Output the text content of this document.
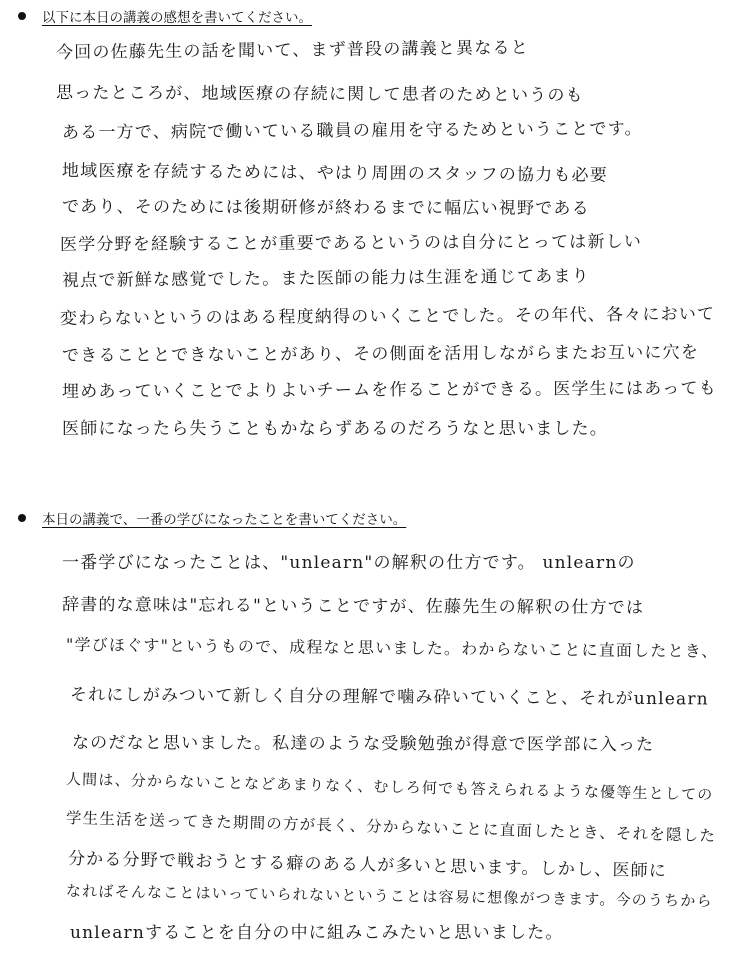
以下に本日の講義の感想を書いてください。
今回の佐藤先生の話を聞いて、まず普段の講義と異なると
思ったところが、地域医療の存続に関して患者のためというのも
ある一方で、病院で働いている職員の雇用を守るためということです。
地域医療を存続するためには、やはり周囲のスタッフの協力も必要
であり、そのためには後期研修が終わるまでに幅広い視野である
医学分野を経験することが重要であるというのは自分にとっては新しい
視点で新鮮な感覚でした。また医師の能力は生涯を通じてあまり
変わらないというのはある程度納得のいくことでした。その年代、各々において
できることとできないことがあり、その側面を活用しながらまたお互いに穴を
埋めあっていくことでよりよいチームを作ることができる。医学生にはあっても
医師になったら失うこともかならずあるのだろうなと思いました。
本日の講義で、一番の学びになったことを書いてください。
一番学びになったことは、"unlearn"の解釈の仕方です。 unlearnの
辞書的な意味は"忘れる"ということですが、佐藤先生の解釈の仕方では
"学びほぐす"というもので、成程なと思いました。わからないことに直面したとき、
それにしがみついて新しく自分の理解で噛み砕いていくこと、それがunlearn
なのだなと思いました。私達のような受験勉強が得意で医学部に入った
人間は、分からないことなどあまりなく、むしろ何でも答えられるような優等生としての
学生生活を送ってきた期間の方が長く、分からないことに直面したとき、それを隠した
分かる分野で戦おうとする癖のある人が多いと思います。しかし、医師に
なればそんなことはいっていられないということは容易に想像がつきます。今のうちから
unlearnすることを自分の中に組みこみたいと思いました。
